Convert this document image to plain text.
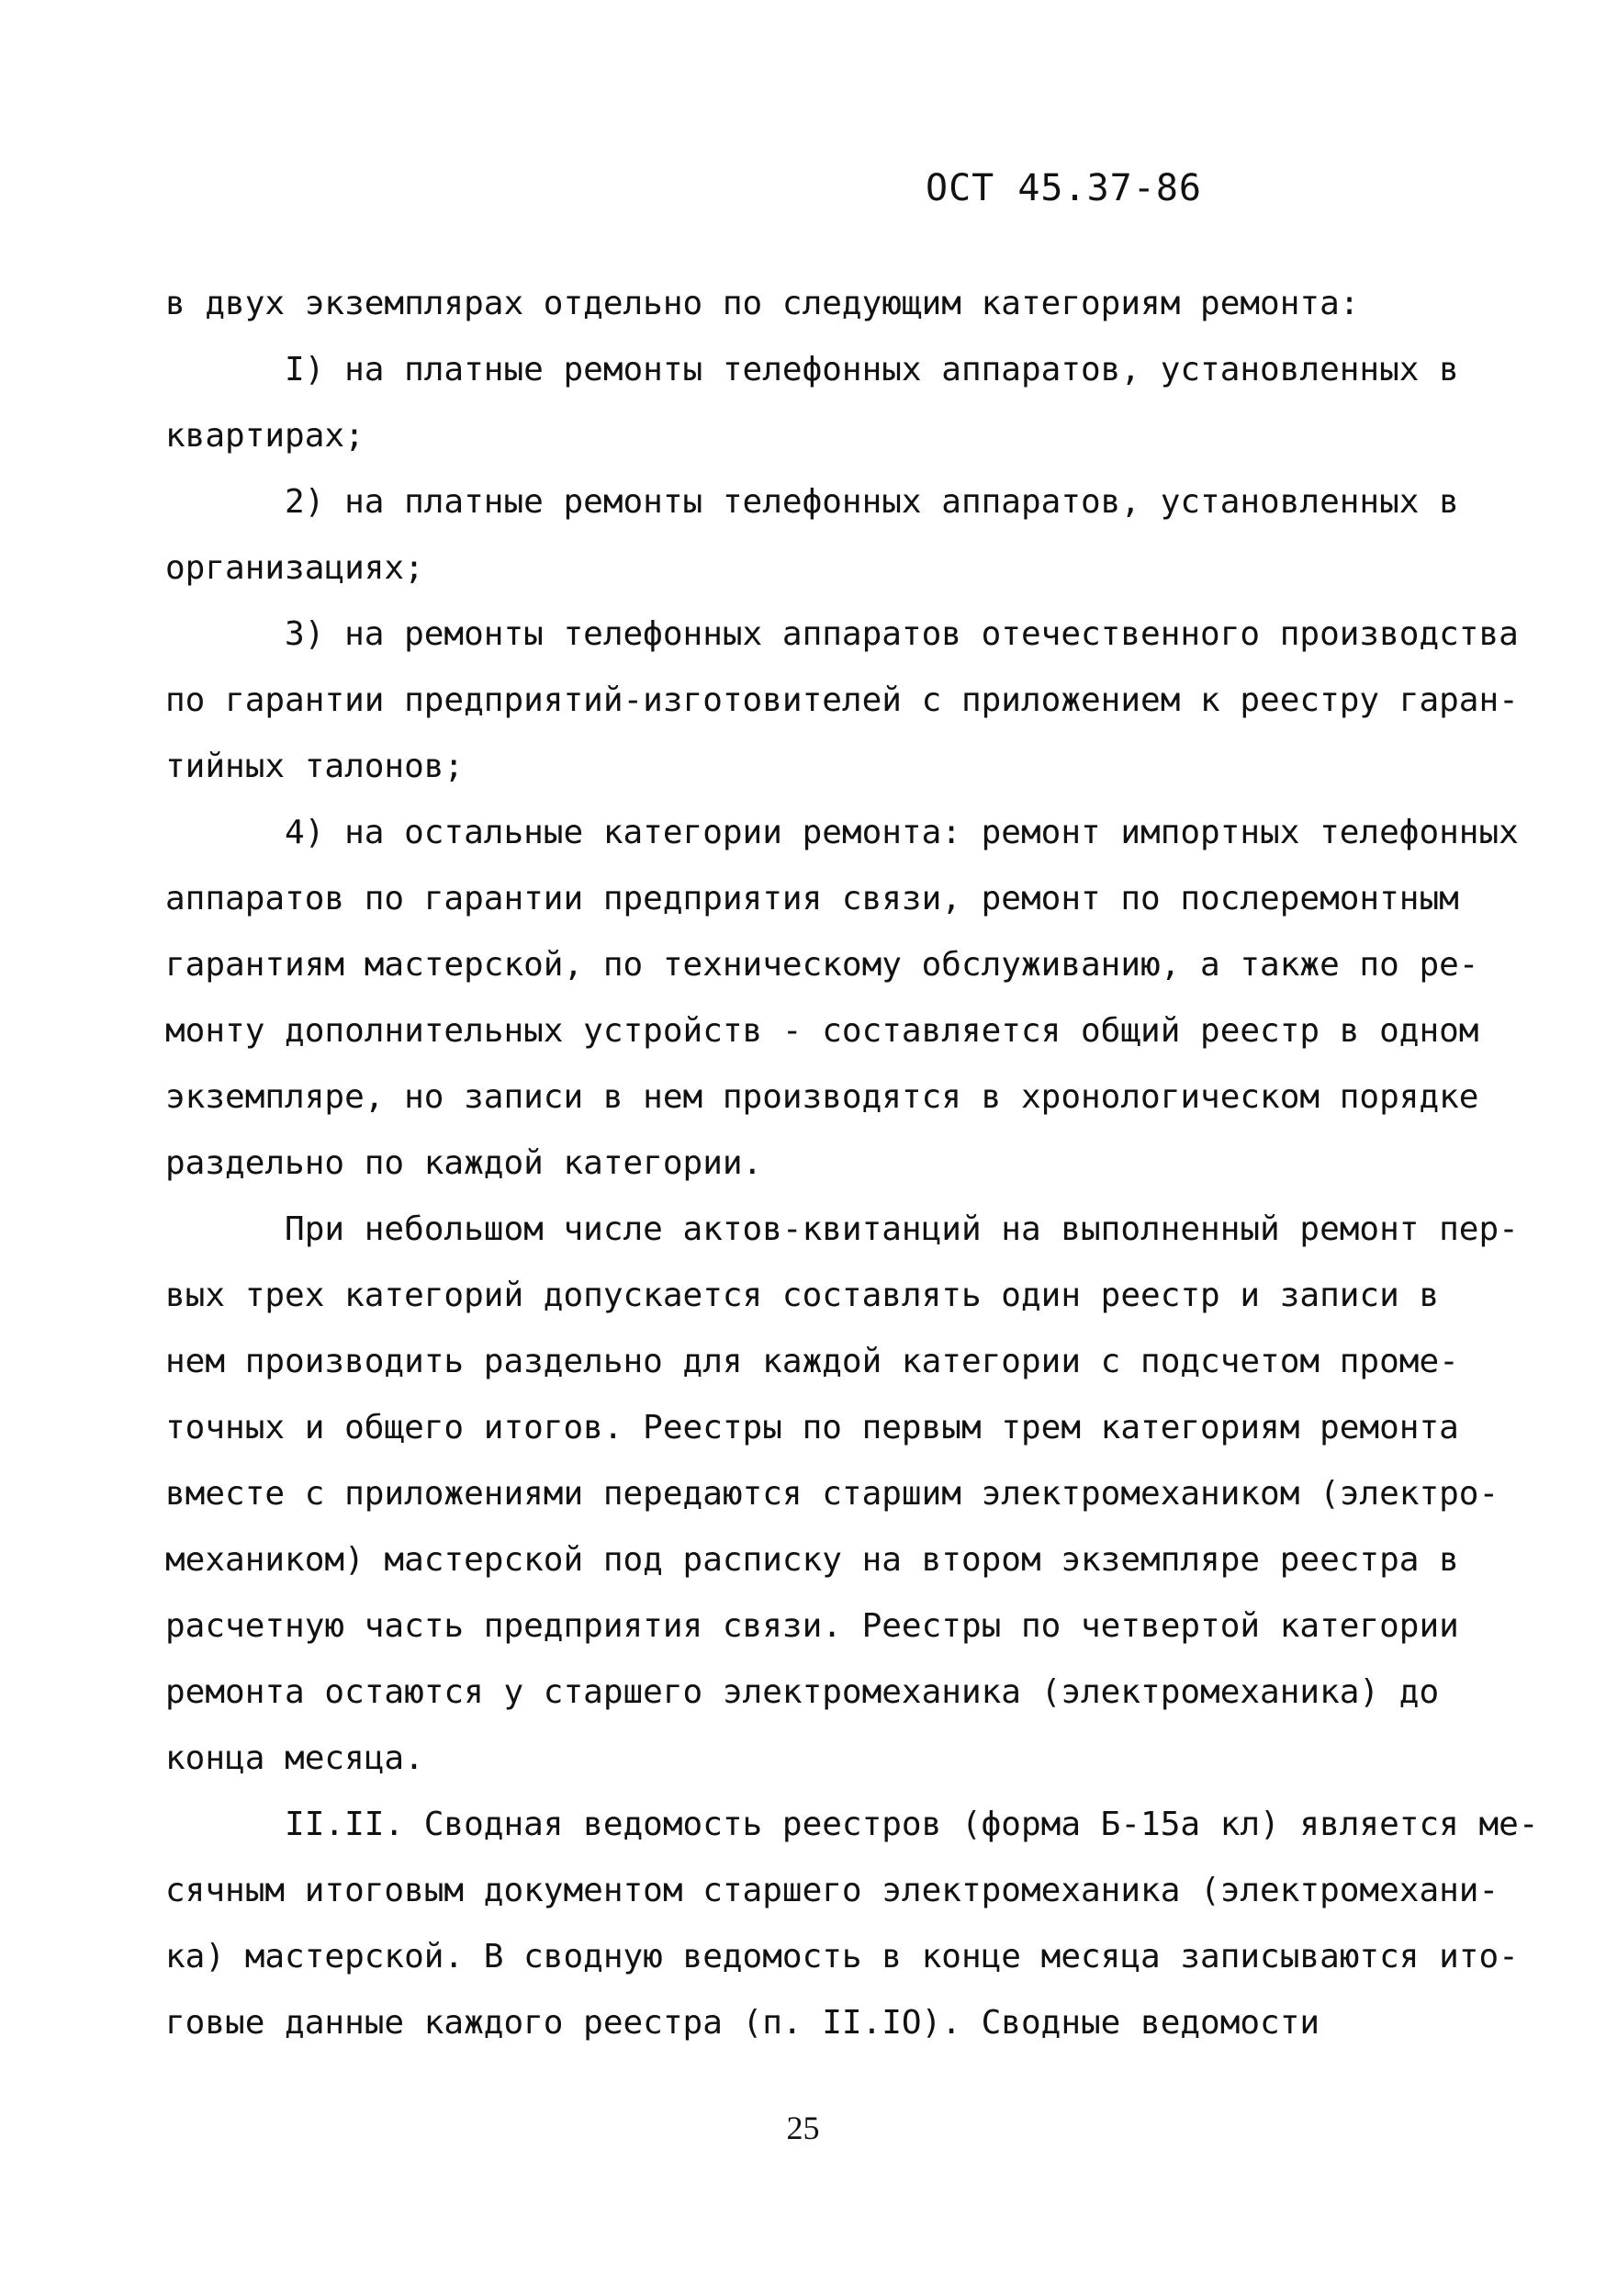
ОСТ 45.37-86
в двух экземплярах отдельно по следующим категориям ремонта:
I) на платные ремонты телефонных аппаратов, установленных в
квартирах;
2) на платные ремонты телефонных аппаратов, установленных в
организациях;
3) на ремонты телефонных аппаратов отечественного производства
по гарантии предприятий-изготовителей с приложением к реестру гаран-
тийных талонов;
4) на остальные категории ремонта: ремонт импортных телефонных
аппаратов по гарантии предприятия связи, ремонт по послеремонтным
гарантиям мастерской, по техническому обслуживанию, а также по ре-
монту дополнительных устройств - составляется общий реестр в одном
экземпляре, но записи в нем производятся в хронологическом порядке
раздельно по каждой категории.
При небольшом числе актов-квитанций на выполненный ремонт пер-
вых трех категорий допускается составлять один реестр и записи в
нем производить раздельно для каждой категории с подсчетом проме-
точных и общего итогов. Реестры по первым трем категориям ремонта
вместе с приложениями передаются старшим электромехаником (электро-
механиком) мастерской под расписку на втором экземпляре реестра в
расчетную часть предприятия связи. Реестры по четвертой категории
ремонта остаются у старшего электромеханика (электромеханика) до
конца месяца.
II.II. Сводная ведомость реестров (форма Б-15а кл) является ме-
сячным итоговым документом старшего электромеханика (электромехани-
ка) мастерской. В сводную ведомость в конце месяца записываются ито-
говые данные каждого реестра (п. II.IO). Сводные ведомости
25
